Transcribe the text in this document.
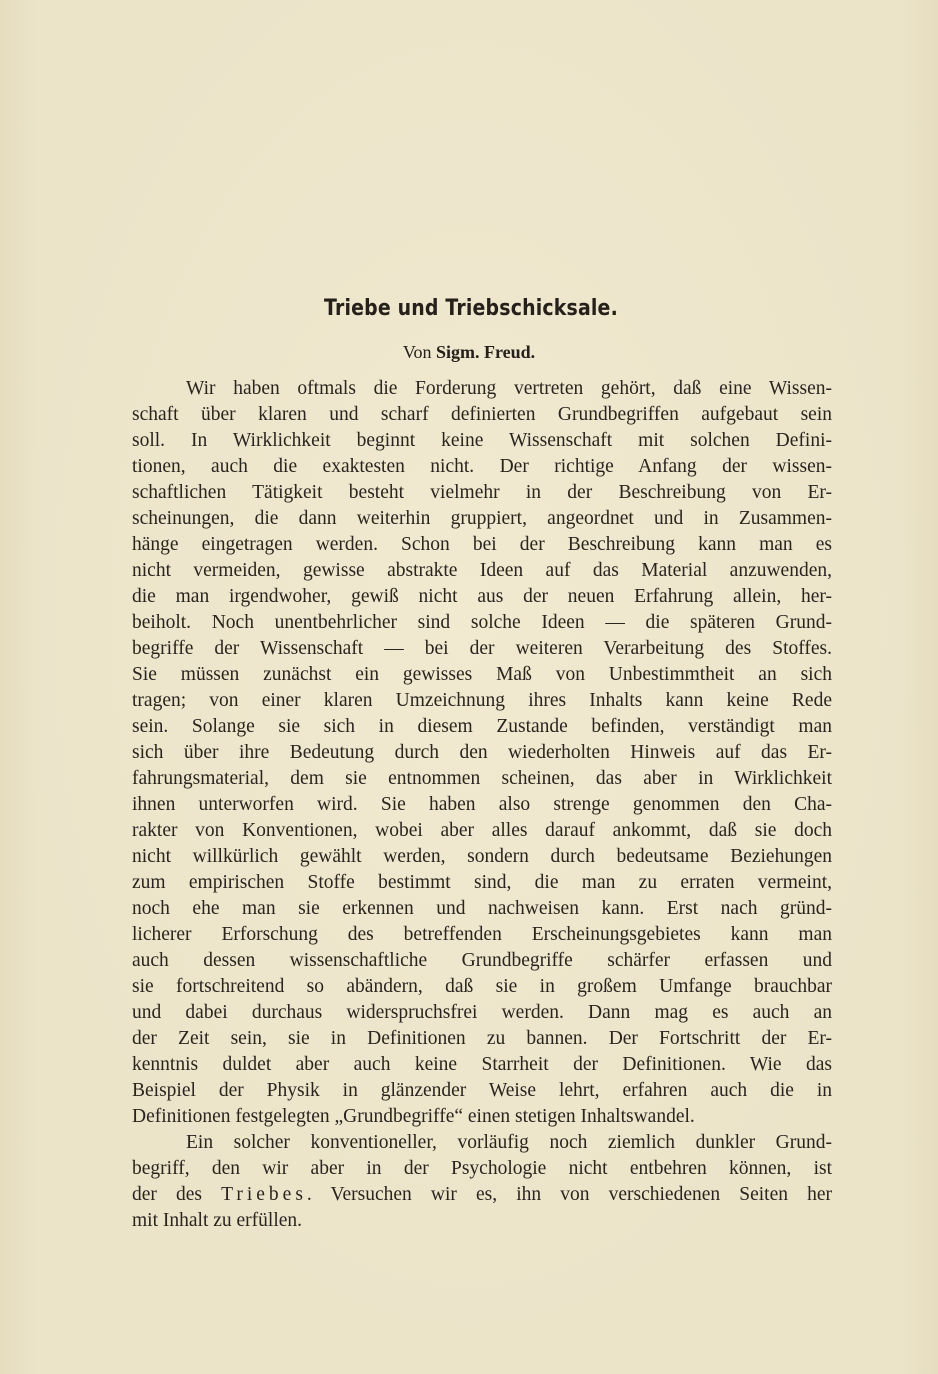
Triebe und Triebschicksale.
Von Sigm. Freud.
Wir haben oftmals die Forderung vertreten gehört, daß eine Wissen-
schaft über klaren und scharf definierten Grundbegriffen aufgebaut sein
soll. In Wirklichkeit beginnt keine Wissenschaft mit solchen Defini-
tionen, auch die exaktesten nicht. Der richtige Anfang der wissen-
schaftlichen Tätigkeit besteht vielmehr in der Beschreibung von Er-
scheinungen, die dann weiterhin gruppiert, angeordnet und in Zusammen-
hänge eingetragen werden. Schon bei der Beschreibung kann man es
nicht vermeiden, gewisse abstrakte Ideen auf das Material anzuwenden,
die man irgendwoher, gewiß nicht aus der neuen Erfahrung allein, her-
beiholt. Noch unentbehrlicher sind solche Ideen — die späteren Grund-
begriffe der Wissenschaft — bei der weiteren Verarbeitung des Stoffes.
Sie müssen zunächst ein gewisses Maß von Unbestimmtheit an sich
tragen; von einer klaren Umzeichnung ihres Inhalts kann keine Rede
sein. Solange sie sich in diesem Zustande befinden, verständigt man
sich über ihre Bedeutung durch den wiederholten Hinweis auf das Er-
fahrungsmaterial, dem sie entnommen scheinen, das aber in Wirklichkeit
ihnen unterworfen wird. Sie haben also strenge genommen den Cha-
rakter von Konventionen, wobei aber alles darauf ankommt, daß sie doch
nicht willkürlich gewählt werden, sondern durch bedeutsame Beziehungen
zum empirischen Stoffe bestimmt sind, die man zu erraten vermeint,
noch ehe man sie erkennen und nachweisen kann. Erst nach gründ-
licherer Erforschung des betreffenden Erscheinungsgebietes kann man
auch dessen wissenschaftliche Grundbegriffe schärfer erfassen und
sie fortschreitend so abändern, daß sie in großem Umfange brauchbar
und dabei durchaus widerspruchsfrei werden. Dann mag es auch an
der Zeit sein, sie in Definitionen zu bannen. Der Fortschritt der Er-
kenntnis duldet aber auch keine Starrheit der Definitionen. Wie das
Beispiel der Physik in glänzender Weise lehrt, erfahren auch die in
Definitionen festgelegten „Grundbegriffe“ einen stetigen Inhaltswandel.
Ein solcher konventioneller, vorläufig noch ziemlich dunkler Grund-
begriff, den wir aber in der Psychologie nicht entbehren können, ist
der des Triebes. Versuchen wir es, ihn von verschiedenen Seiten her
mit Inhalt zu erfüllen.
